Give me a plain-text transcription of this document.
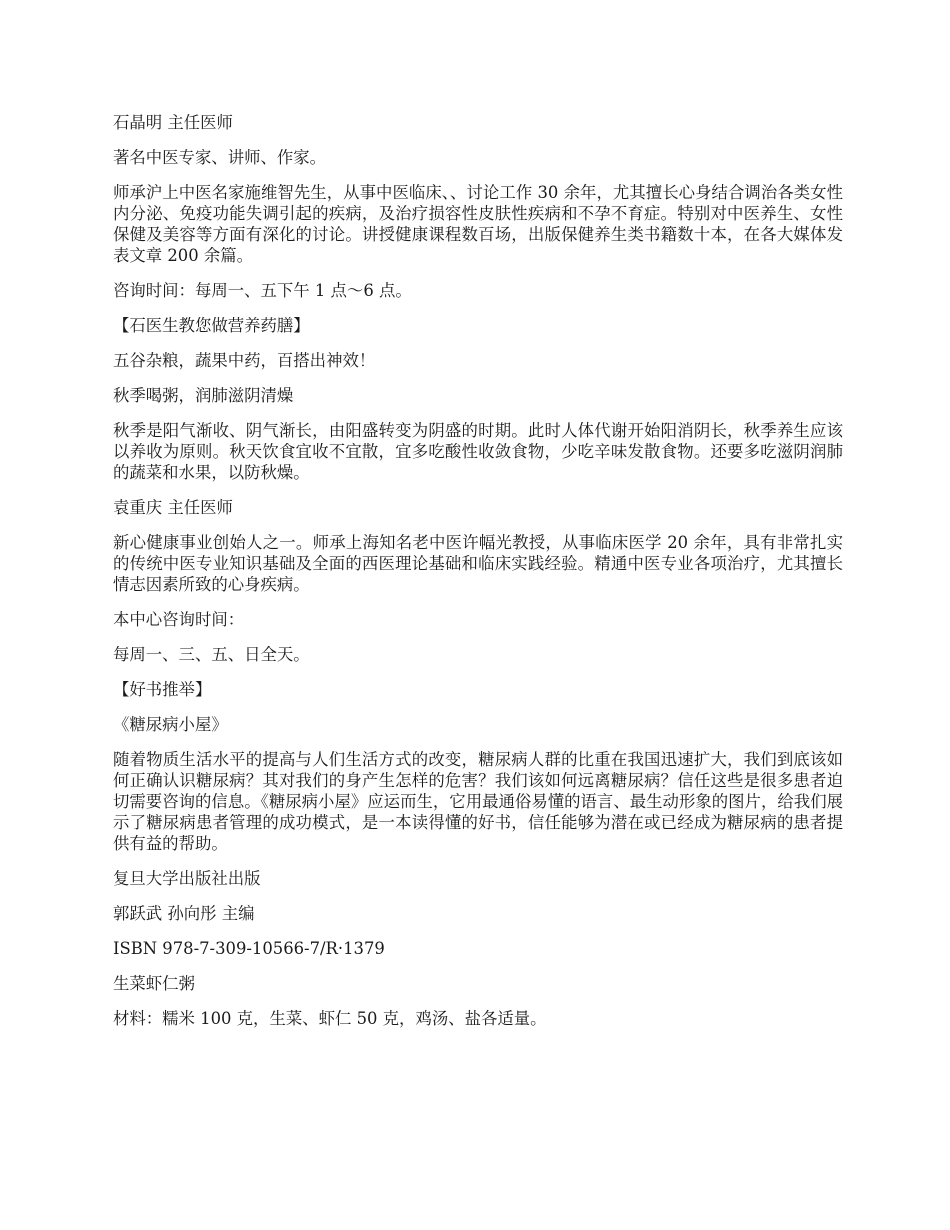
石晶明 主任医师

著名中医专家、讲师、作家。

师承沪上中医名家施维智先生，从事中医临床、、讨论工作 30 余年，尤其擅长心身结合调治各类女性内分泌、免疫功能失调引起的疾病，及治疗损容性皮肤性疾病和不孕不育症。特别对中医养生、女性保健及美容等方面有深化的讨论。讲授健康课程数百场，出版保健养生类书籍数十本，在各大媒体发表文章 200 余篇。

咨询时间：每周一、五下午 1 点～6 点。

【石医生教您做营养药膳】

五谷杂粮，蔬果中药，百搭出神效！

秋季喝粥，润肺滋阴清燥

秋季是阳气渐收、阴气渐长，由阳盛转变为阴盛的时期。此时人体代谢开始阳消阴长，秋季养生应该以养收为原则。秋天饮食宜收不宜散，宜多吃酸性收敛食物，少吃辛味发散食物。还要多吃滋阴润肺的蔬菜和水果，以防秋燥。

袁重庆 主任医师

新心健康事业创始人之一。师承上海知名老中医许幅光教授，从事临床医学 20 余年，具有非常扎实的传统中医专业知识基础及全面的西医理论基础和临床实践经验。精通中医专业各项治疗，尤其擅长情志因素所致的心身疾病。

本中心咨询时间：

每周一、三、五、日全天。

【好书推举】

《糖尿病小屋》

随着物质生活水平的提高与人们生活方式的改变，糖尿病人群的比重在我国迅速扩大，我们到底该如何正确认识糖尿病？其对我们的身产生怎样的危害？我们该如何远离糖尿病？信任这些是很多患者迫切需要咨询的信息。《糖尿病小屋》应运而生，它用最通俗易懂的语言、最生动形象的图片，给我们展示了糖尿病患者管理的成功模式，是一本读得懂的好书，信任能够为潜在或已经成为糖尿病的患者提供有益的帮助。

复旦大学出版社出版

郭跃武 孙向彤 主编

ISBN 978-7-309-10566-7/R·1379

生菜虾仁粥

材料：糯米 100 克，生菜、虾仁 50 克，鸡汤、盐各适量。
